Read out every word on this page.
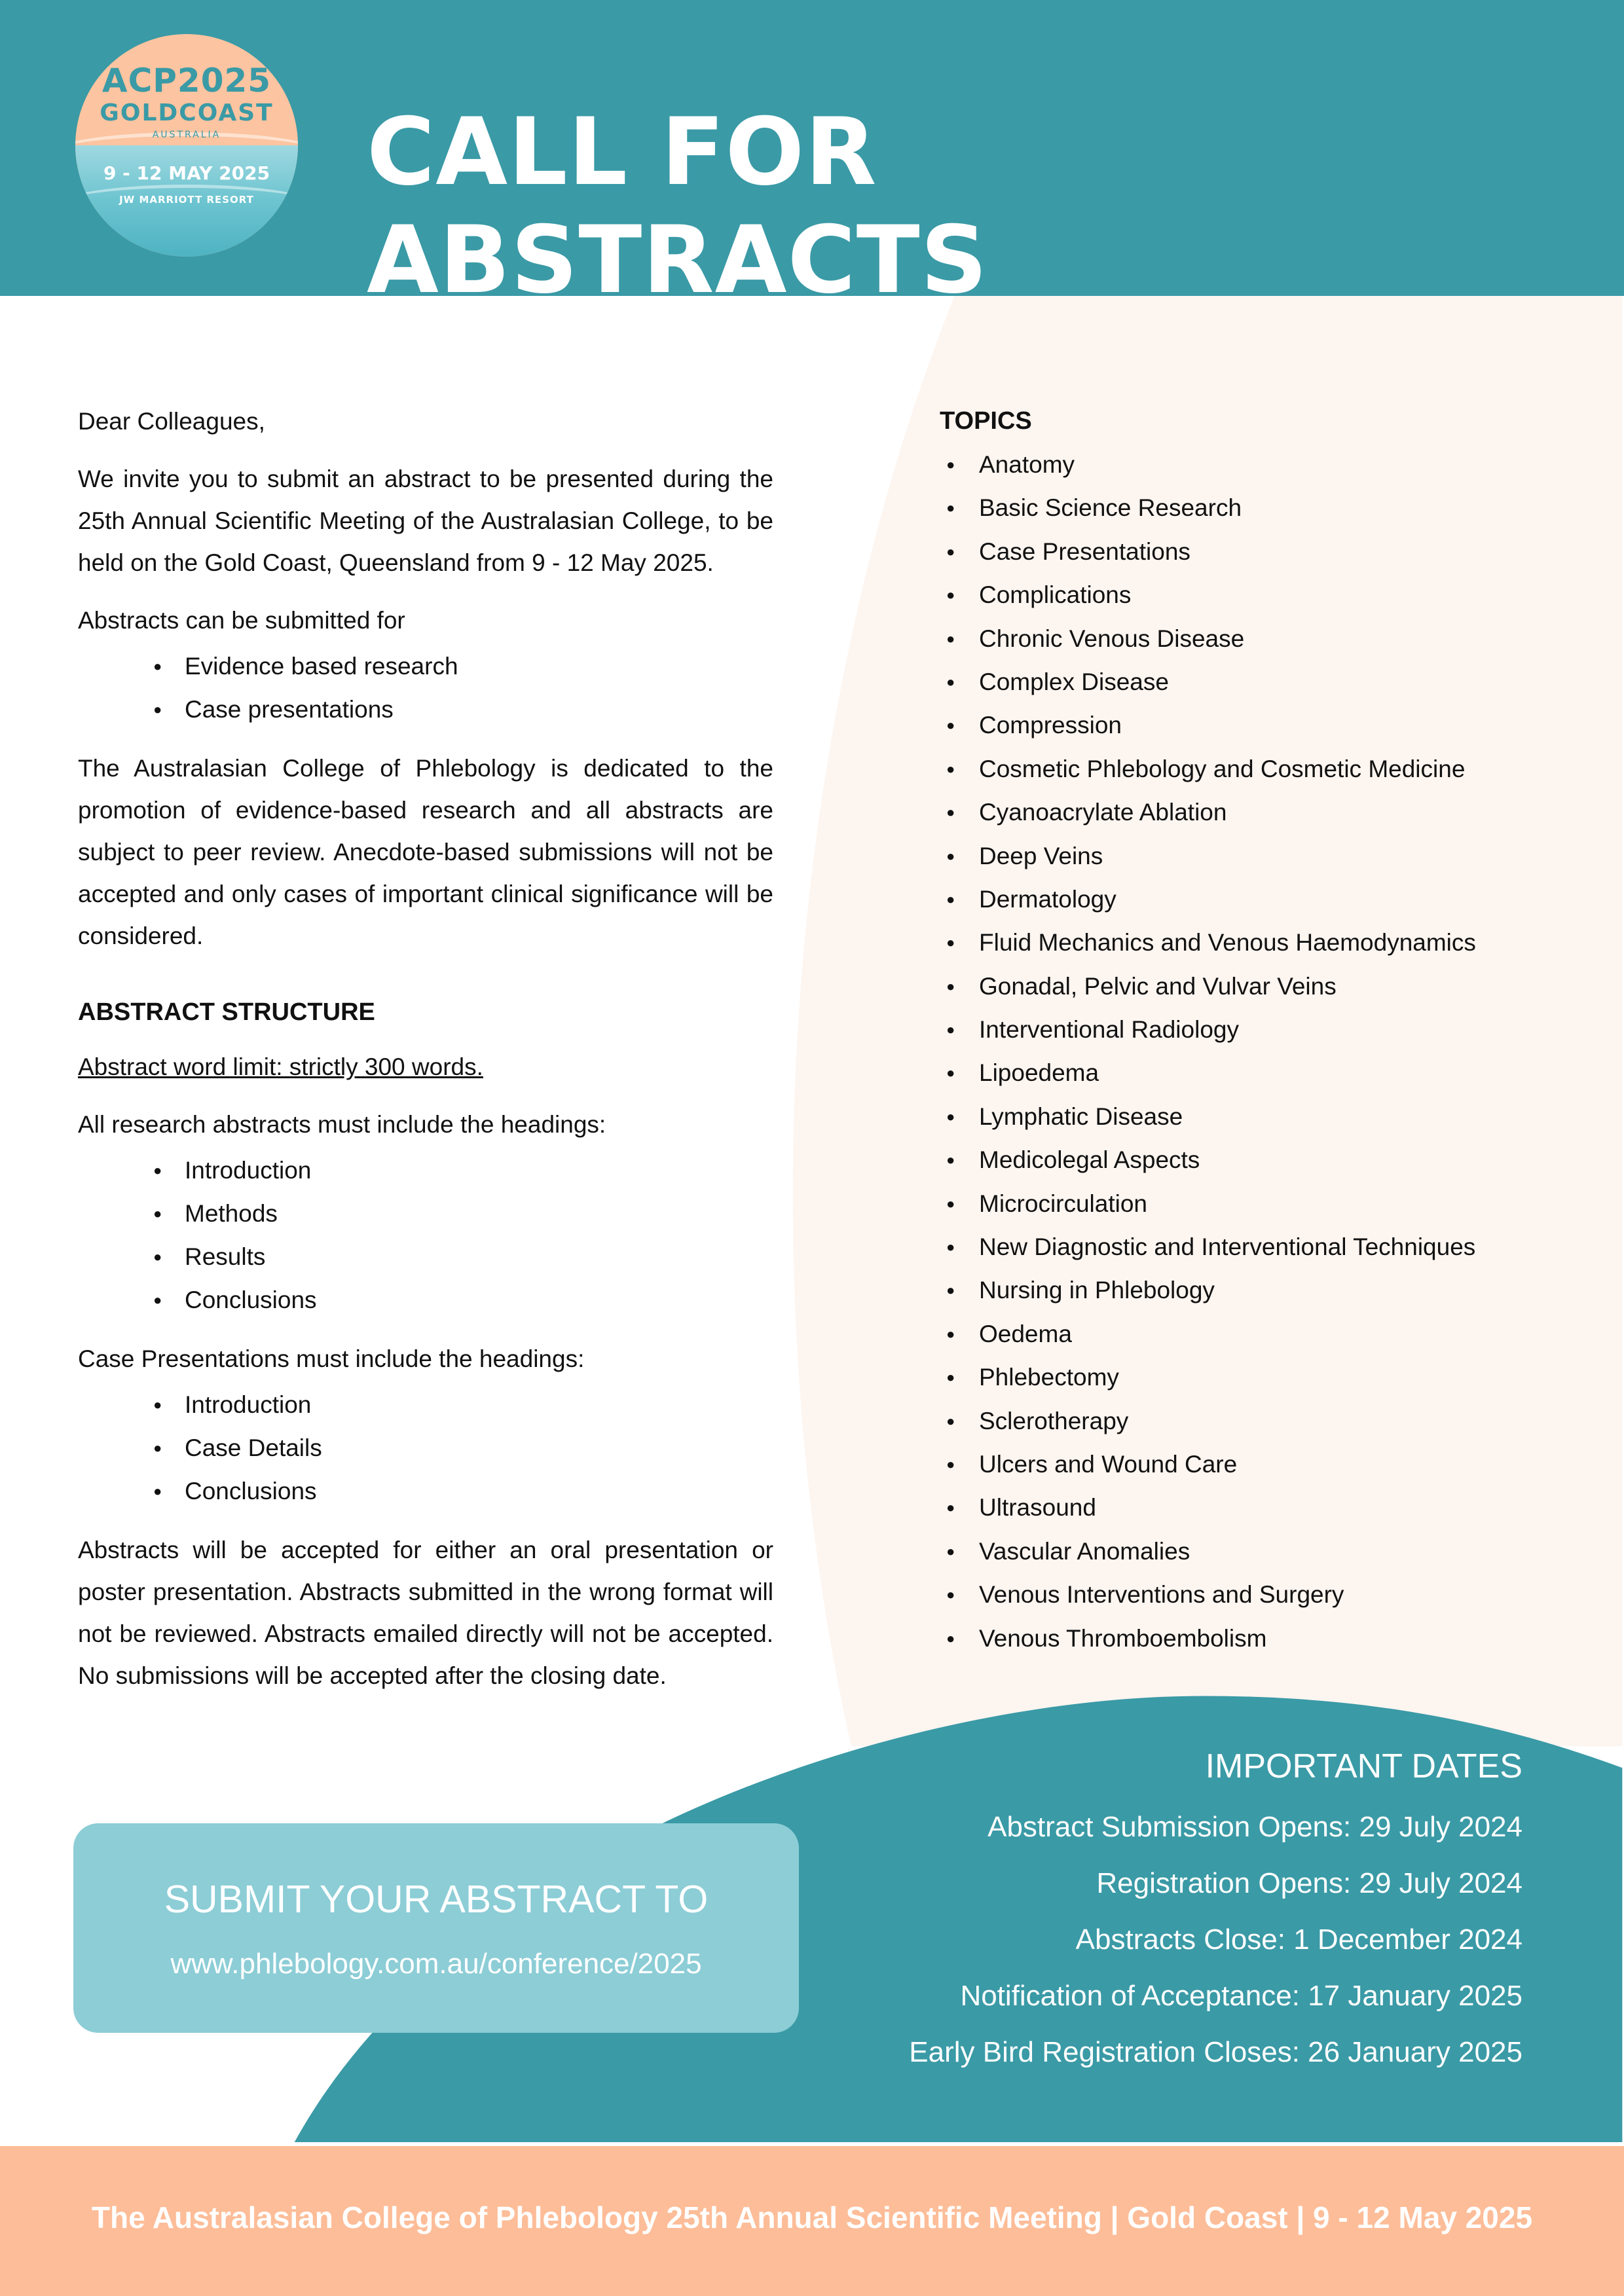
ACP2025
GOLDCOAST
AUSTRALIA
9 - 12 MAY 2025
JW MARRIOTT RESORT	CALL FOR ABSTRACTS

Dear Colleagues,

We invite you to submit an abstract to be presented during the 25th Annual Scientific Meeting of the Australasian College, to be held on the Gold Coast, Queensland from 9 - 12 May 2025.

Abstracts can be submitted for

● Evidence based research
● Case presentations

The Australasian College of Phlebology is dedicated to the promotion of evidence-based research and all abstracts are subject to peer review. Anecdote-based submissions will not be accepted and only cases of important clinical significance will be considered.

ABSTRACT STRUCTURE

Abstract word limit: strictly 300 words.

All research abstracts must include the headings:

● Introduction
● Methods
● Results
● Conclusions

Case Presentations must include the headings:

● Introduction
● Case Details
● Conclusions

Abstracts will be accepted for either an oral presentation or poster presentation. Abstracts submitted in the wrong format will not be reviewed. Abstracts emailed directly will not be accepted. No submissions will be accepted after the closing date.

TOPICS
● Anatomy
● Basic Science Research
● Case Presentations
● Complications
● Chronic Venous Disease
● Complex Disease
● Compression
● Cosmetic Phlebology and Cosmetic Medicine
● Cyanoacrylate Ablation
● Deep Veins
● Dermatology
● Fluid Mechanics and Venous Haemodynamics
● Gonadal, Pelvic and Vulvar Veins
● Interventional Radiology
● Lipoedema
● Lymphatic Disease
● Medicolegal Aspects
● Microcirculation
● New Diagnostic and Interventional Techniques
● Nursing in Phlebology
● Oedema
● Phlebectomy
● Sclerotherapy
● Ulcers and Wound Care
● Ultrasound
● Vascular Anomalies
● Venous Interventions and Surgery
● Venous Thromboembolism
SUBMIT YOUR ABSTRACT TO
www.phlebology.com.au/conference/2025
IMPORTANT DATES
Abstract Submission Opens: 29 July 2024
Registration Opens: 29 July 2024
Abstracts Close: 1 December 2024
Notification of Acceptance: 17 January 2025
Early Bird Registration Closes: 26 January 2025
The Australasian College of Phlebology 25th Annual Scientific Meeting | Gold Coast | 9 - 12 May 2025
